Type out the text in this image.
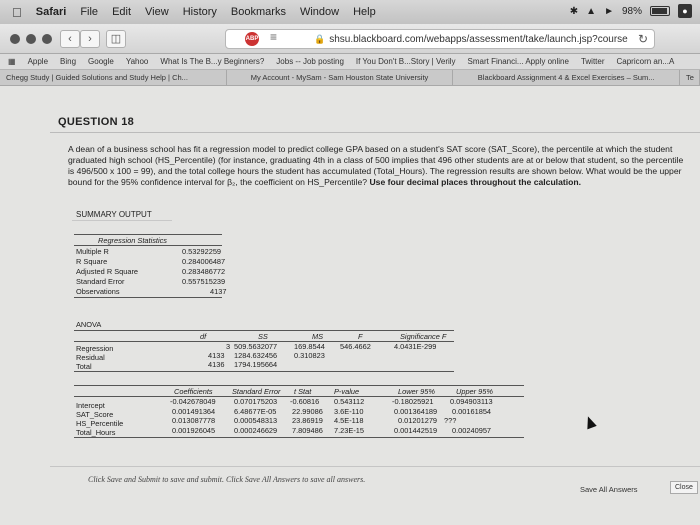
Safari File Edit View History Bookmarks Window Help	✱ ▲ ► 98%	●
‹	›	◫	🔒 shsu.blackboard.com/webapps/assessment/take/launch.jsp?course ↻
ABP ≡
▦ Apple Bing Google Yahoo What Is The B...y Beginners? Jobs -- Job posting If You Don't B...Story | Verily Smart Financi... Apply online Twitter Capricorn an...A
Chegg Study | Guided Solutions and Study Help | Ch...	My Account - MySam - Sam Houston State University	Blackboard Assignment 4 & Excel Exercises – Sum...	Te
QUESTION 18
A dean of a business school has fit a regression model to predict college GPA based on a student's SAT score (SAT_Score), the percentile at which the student graduated high school (HS_Percentile) (for instance, graduating 4th in a class of 500 implies that 496 other students are at or below that student, so the percentile is 496/500 x 100 = 99), and the total college hours the student has accumulated (Total_Hours). The regression results are shown below. What would be the upper bound for the 95% confidence interval for β₂, the coefficient on HS_Percentile? Use four decimal places throughout the calculation.
SUMMARY OUTPUT
Regression Statistics
Multiple R	0.53292259
R Square	0.284006487
Adjusted R Square	0.283486772
Standard Error	0.557515239
Observations	4137
ANOVA
df	SS	MS	F	Significance F
Regression	3 509.5632077 169.8544 546.4662	4.0431E-299
Residual	4133 1284.632456 0.310823
Total	4136 1794.195664
Coefficients	Standard Error t Stat	P-value	Lower 95%	Upper 95%
Intercept	-0.042678049 0.070175203 -0.60816 0.543112	-0.18025921 0.094903113
SAT_Score	0.001491364	6.48677E-05 22.99086 3.6E-110	0.001364189 0.00161854
HS_Percentile	0.013087778	0.000548313 23.86919 4.5E-118	0.01201279 ???
Total_Hours	0.001926045	0.000246629 7.809486 7.23E-15	0.001442519 0.00240957
Click Save and Submit to save and submit. Click Save All Answers to save all answers.
Save All Answers	Close
